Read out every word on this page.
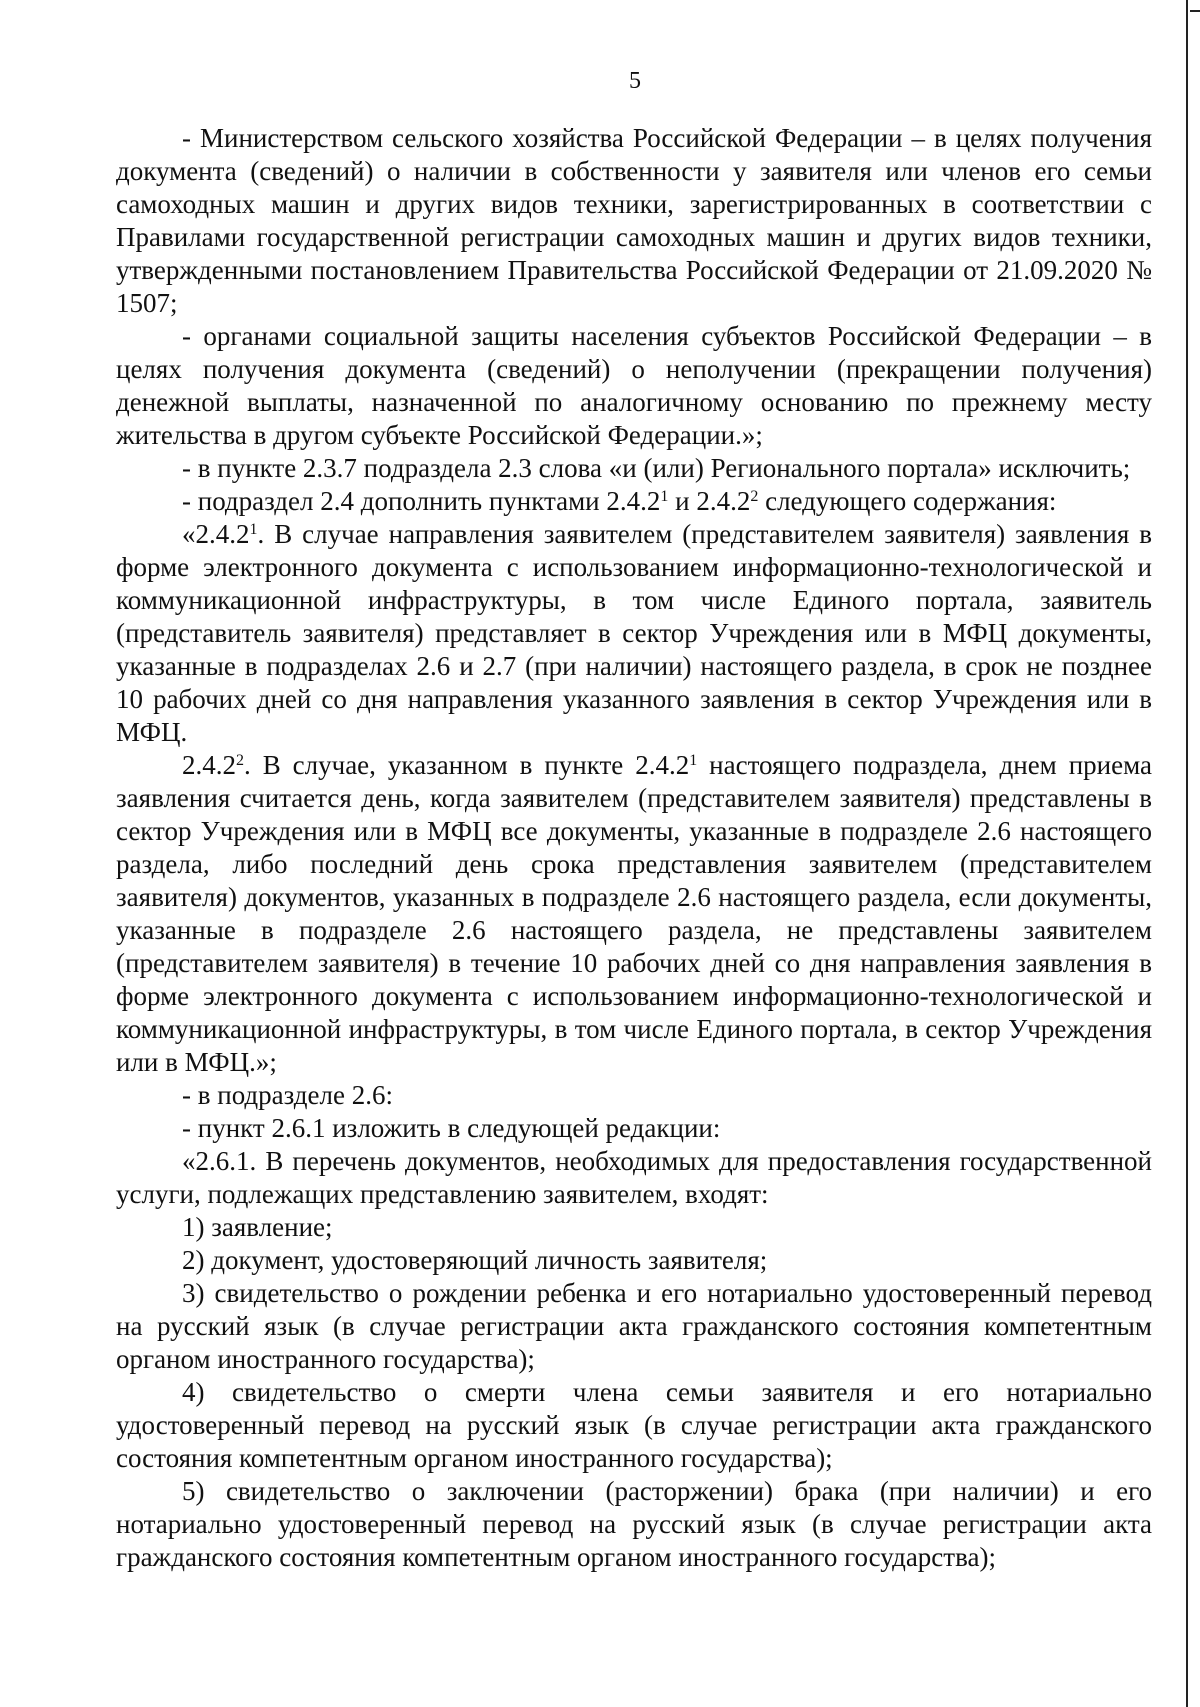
5

- Министерством сельского хозяйства Российской Федерации – в целях получения документа (сведений) о наличии в собственности у заявителя или членов его семьи самоходных машин и других видов техники, зарегистрированных в соответствии с Правилами государственной регистрации самоходных машин и других видов техники, утвержденными постановлением Правительства Российской Федерации от 21.09.2020 № 1507;

- органами социальной защиты населения субъектов Российской Федерации – в целях получения документа (сведений) о неполучении (прекращении получения) денежной выплаты, назначенной по аналогичному основанию по прежнему месту жительства в другом субъекте Российской Федерации.»;

- в пункте 2.3.7 подраздела 2.3 слова «и (или) Регионального портала» исключить;

- подраздел 2.4 дополнить пунктами 2.4.2$^1$ и 2.4.2$^2$ следующего содержания:

«2.4.2$^1$. В случае направления заявителем (представителем заявителя) заявления в форме электронного документа с использованием информационно-технологической и коммуникационной инфраструктуры, в том числе Единого портала, заявитель (представитель заявителя) представляет в сектор Учреждения или в МФЦ документы, указанные в подразделах 2.6 и 2.7 (при наличии) настоящего раздела, в срок не позднее 10 рабочих дней со дня направления указанного заявления в сектор Учреждения или в МФЦ.

2.4.2$^2$. В случае, указанном в пункте 2.4.2$^1$ настоящего подраздела, днем приема заявления считается день, когда заявителем (представителем заявителя) представлены в сектор Учреждения или в МФЦ все документы, указанные в подразделе 2.6 настоящего раздела, либо последний день срока представления заявителем (представителем заявителя) документов, указанных в подразделе 2.6 настоящего раздела, если документы, указанные в подразделе 2.6 настоящего раздела, не представлены заявителем (представителем заявителя) в течение 10 рабочих дней со дня направления заявления в форме электронного документа с использованием информационно-технологической и коммуникационной инфраструктуры, в том числе Единого портала, в сектор Учреждения или в МФЦ.»;

- в подразделе 2.6:

- пункт 2.6.1 изложить в следующей редакции:

«2.6.1. В перечень документов, необходимых для предоставления государственной услуги, подлежащих представлению заявителем, входят:

1) заявление;

2) документ, удостоверяющий личность заявителя;

3) свидетельство о рождении ребенка и его нотариально удостоверенный перевод на русский язык (в случае регистрации акта гражданского состояния компетентным органом иностранного государства);

4) свидетельство о смерти члена семьи заявителя и его нотариально удостоверенный перевод на русский язык (в случае регистрации акта гражданского состояния компетентным органом иностранного государства);

5) свидетельство о заключении (расторжении) брака (при наличии) и его нотариально удостоверенный перевод на русский язык (в случае регистрации акта гражданского состояния компетентным органом иностранного государства);
